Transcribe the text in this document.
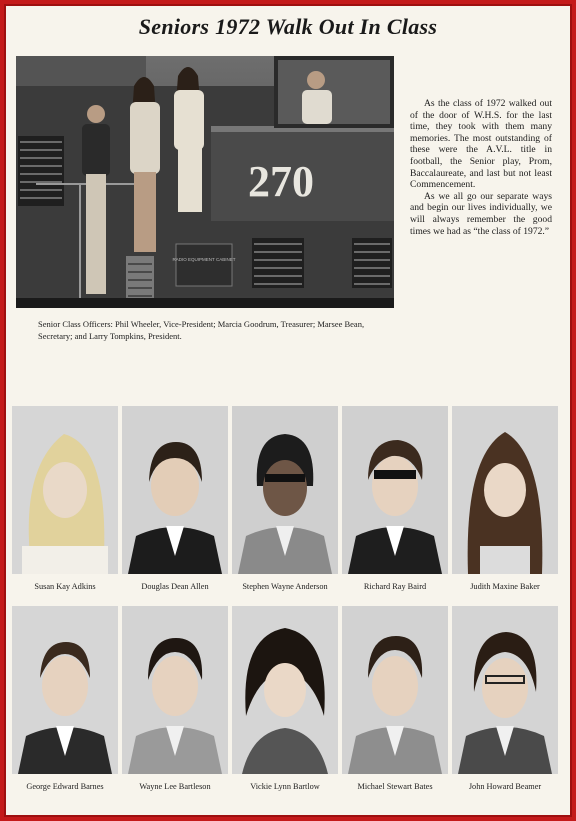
Seniors 1972 Walk Out In Class
RADIO EQUIPMENT CABINET
270
Senior Class Officers: Phil Wheeler, Vice-President; Marcia Goodrum, Treasurer; Marsee Bean, Secretary; and Larry Tompkins, President.

As the class of 1972 walked out of the door of W.H.S. for the last time, they took with them many memories. The most outstanding of these were the A.V.L. title in football, the Senior play, Prom, Baccalaureate, and last but not least Commencement.

As we all go our separate ways and begin our lives individually, we will always remember the good times we had as “the class of 1972.”

Susan Kay Adkins	Douglas Dean Allen	Stephen Wayne Anderson	Richard Ray Baird	Judith Maxine Baker
George Edward Barnes	Wayne Lee Bartleson	Vickie Lynn Bartlow	Michael Stewart Bates	John Howard Beamer
